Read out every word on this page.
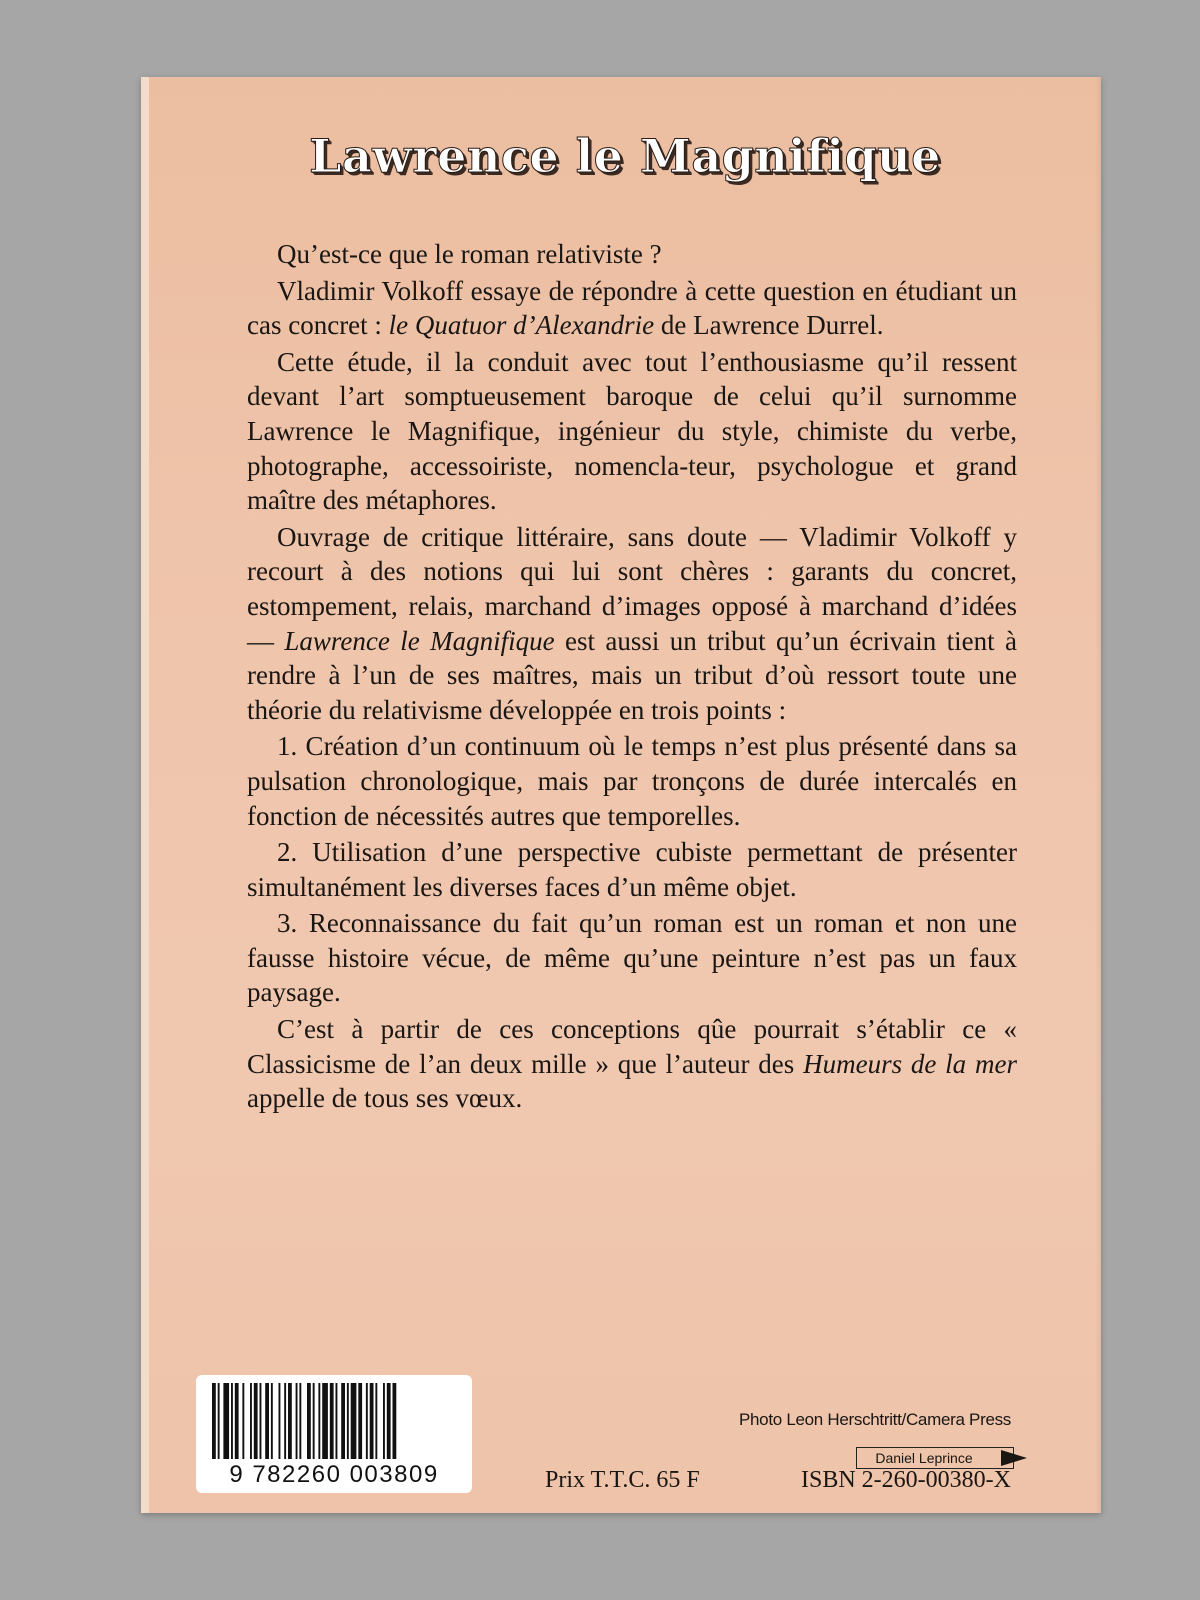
Lawrence le Magnifique

Qu’est-ce que le roman relativiste ?

Vladimir Volkoff essaye de répondre à cette question en étudiant un cas concret : le Quatuor d’Alexandrie de Lawrence Durrel.

Cette étude, il la conduit avec tout l’enthousiasme qu’il ressent devant l’art somptueusement baroque de celui qu’il surnomme Lawrence le Magnifique, ingénieur du style, chimiste du verbe, photographe, accessoiriste, nomencla-teur, psychologue et grand maître des métaphores.

Ouvrage de critique littéraire, sans doute — Vladimir Volkoff y recourt à des notions qui lui sont chères : garants du concret, estompement, relais, marchand d’images opposé à marchand d’idées — Lawrence le Magnifique est aussi un tribut qu’un écrivain tient à rendre à l’un de ses maîtres, mais un tribut d’où ressort toute une théorie du relativisme développée en trois points :

1. Création d’un continuum où le temps n’est plus présenté dans sa pulsation chronologique, mais par tronçons de durée intercalés en fonction de nécessités autres que temporelles.

2. Utilisation d’une perspective cubiste permettant de présenter simultanément les diverses faces d’un même objet.

3. Reconnaissance du fait qu’un roman est un roman et non une fausse histoire vécue, de même qu’une peinture n’est pas un faux paysage.

C’est à partir de ces conceptions qûe pourrait s’établir ce « Classicisme de l’an deux mille » que l’auteur des Humeurs de la mer appelle de tous ses vœux.

9 782260 003809
Photo Leon Herschtritt/Camera Press
Daniel Leprince
Prix T.T.C. 65 F	ISBN 2-260-00380-X
